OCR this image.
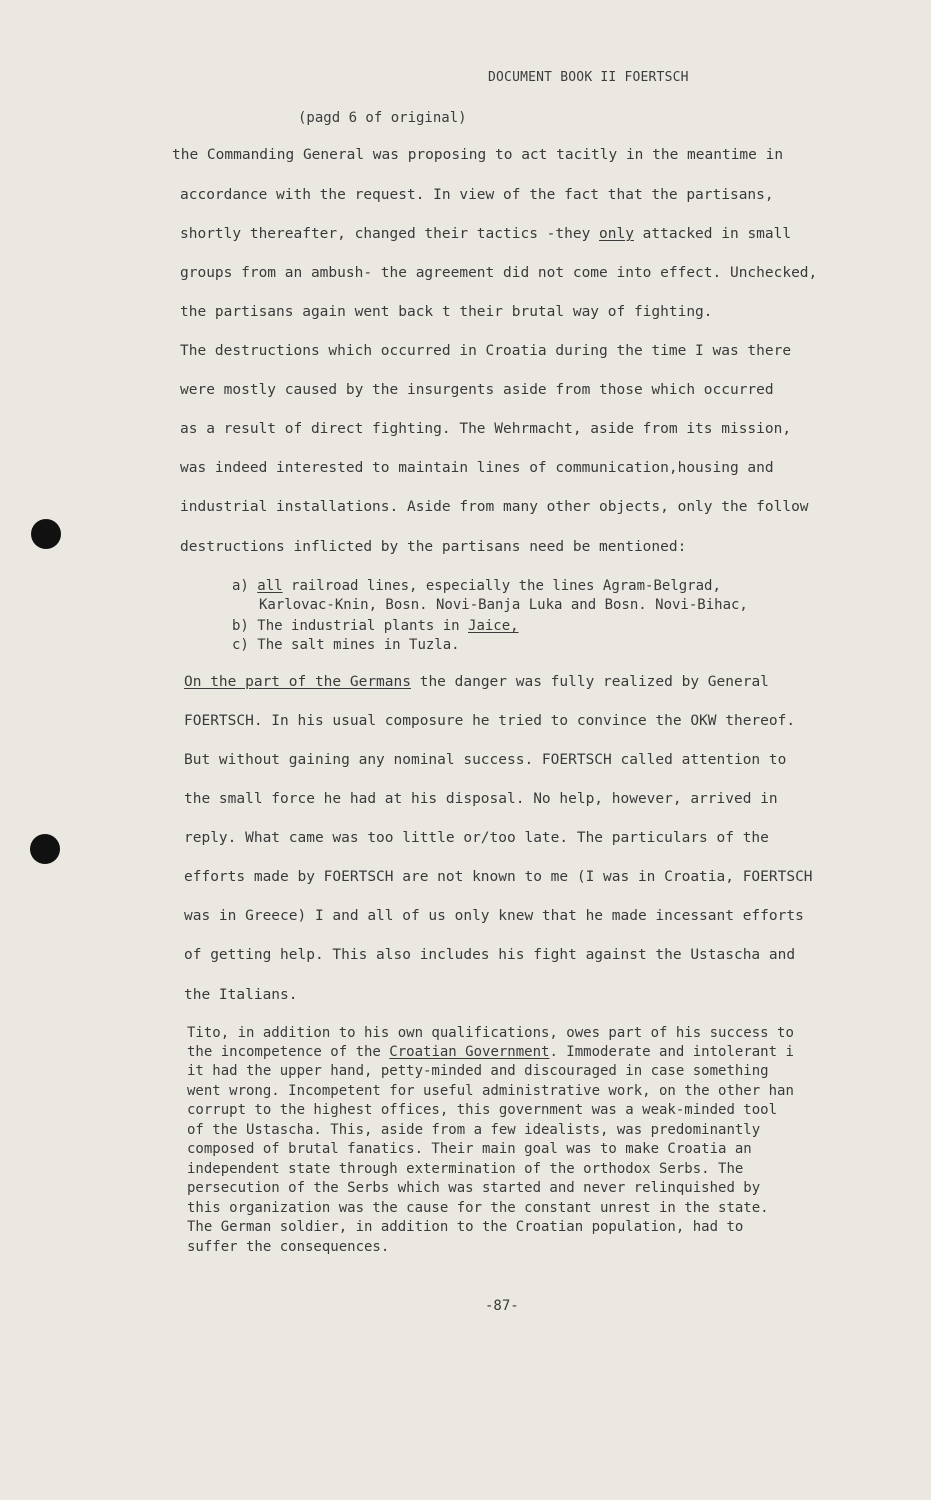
DOCUMENT BOOK II FOERTSCH
(pagd 6 of original)
the Commanding General was proposing to act tacitly in the meantime in
accordance with the request. In view of the fact that the partisans,
shortly thereafter, changed their tactics -they only attacked in small
groups from an ambush- the agreement did not come into effect. Unchecked,
the partisans again went back t their brutal way of fighting.
The destructions which occurred in Croatia during the time I was there
were mostly caused by the insurgents aside from those which occurred
as a result of direct fighting. The Wehrmacht, aside from its mission,
was indeed interested to maintain lines of communication,housing and
industrial installations. Aside from many other objects, only the follow
destructions inflicted by the partisans need be mentioned:
a) all railroad lines, especially the lines Agram-Belgrad,
Karlovac-Knin, Bosn. Novi-Banja Luka and Bosn. Novi-Bihac,
b) The industrial plants in Jaice,
c) The salt mines in Tuzla.
On the part of the Germans the danger was fully realized by General
FOERTSCH. In his usual composure he tried to convince the OKW thereof.
But without gaining any nominal success. FOERTSCH called attention to
the small force he had at his disposal. No help, however, arrived in
reply. What came was too little or/too late. The particulars of the
efforts made by FOERTSCH are not known to me (I was in Croatia, FOERTSCH
was in Greece) I and all of us only knew that he made incessant efforts
of getting help. This also includes his fight against the Ustascha and
the Italians.
Tito, in addition to his own qualifications, owes part of his success to
the incompetence of the Croatian Government. Immoderate and intolerant i
it had the upper hand, petty-minded and discouraged in case something
went wrong. Incompetent for useful administrative work, on the other han
corrupt to the highest offices, this government was a weak-minded tool
of the Ustascha. This, aside from a few idealists, was predominantly
composed of brutal fanatics. Their main goal was to make Croatia an
independent state through extermination of the orthodox Serbs. The
persecution of the Serbs which was started and never relinquished by
this organization was the cause for the constant unrest in the state.
The German soldier, in addition to the Croatian population, had to
suffer the consequences.
-87-
